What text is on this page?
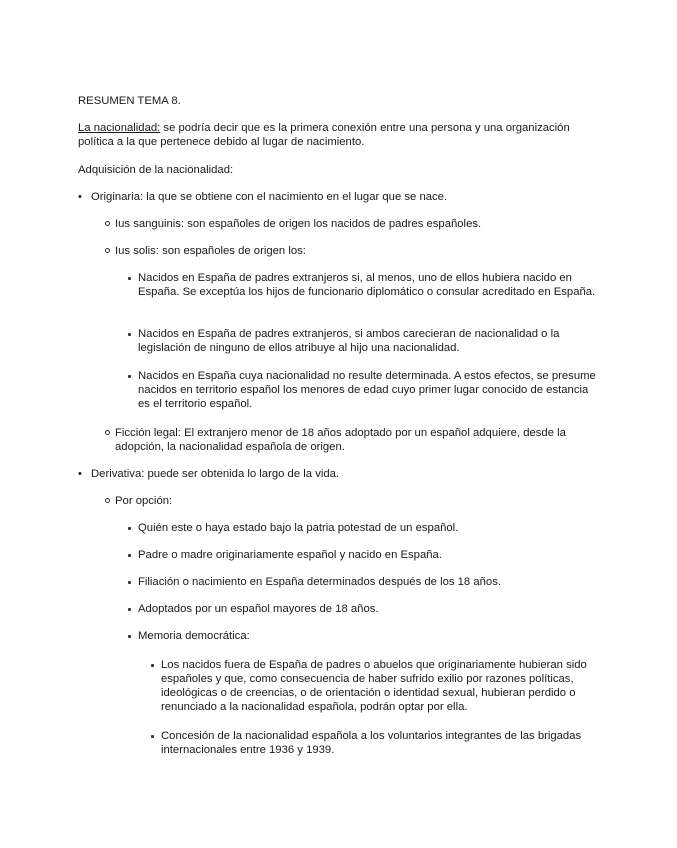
RESUMEN TEMA 8.

La nacionalidad: se podría decir que es la primera conexión entre una persona y una organización política a la que pertenece debido al lugar de nacimiento.

Adquisición de la nacionalidad:

• Originaria: la que se obtiene con el nacimiento en el lugar que se nace.

Ius sanguinis: son españoles de origen los nacidos de padres españoles.

Ius solis: son españoles de origen los:

Nacidos en España de padres extranjeros si, al menos, uno de ellos hubiera nacido en España. Se exceptúa los hijos de funcionario diplomático o consular acreditado en España.

Nacidos en España de padres extranjeros, si ambos carecieran de nacionalidad o la legislación de ninguno de ellos atribuye al hijo una nacionalidad.

Nacidos en España cuya nacionalidad no resulte determinada. A estos efectos, se presume nacidos en territorio español los menores de edad cuyo primer lugar conocido de estancia es el territorio español.

Ficción legal: El extranjero menor de 18 años adoptado por un español adquiere, desde la adopción, la nacionalidad española de origen.

• Derivativa: puede ser obtenida lo largo de la vida.

Por opción:

Quién este o haya estado bajo la patria potestad de un español.

Padre o madre originariamente español y nacido en España.

Filiación o nacimiento en España determinados después de los 18 años.

Adoptados por un español mayores de 18 años.

Memoria democrática:

Los nacidos fuera de España de padres o abuelos que originariamente hubieran sido españoles y que, como consecuencia de haber sufrido exilio por razones políticas, ideológicas o de creencias, o de orientación o identidad sexual, hubieran perdido o renunciado a la nacionalidad española, podrán optar por ella.

Concesión de la nacionalidad española a los voluntarios integrantes de las brigadas internacionales entre 1936 y 1939.
